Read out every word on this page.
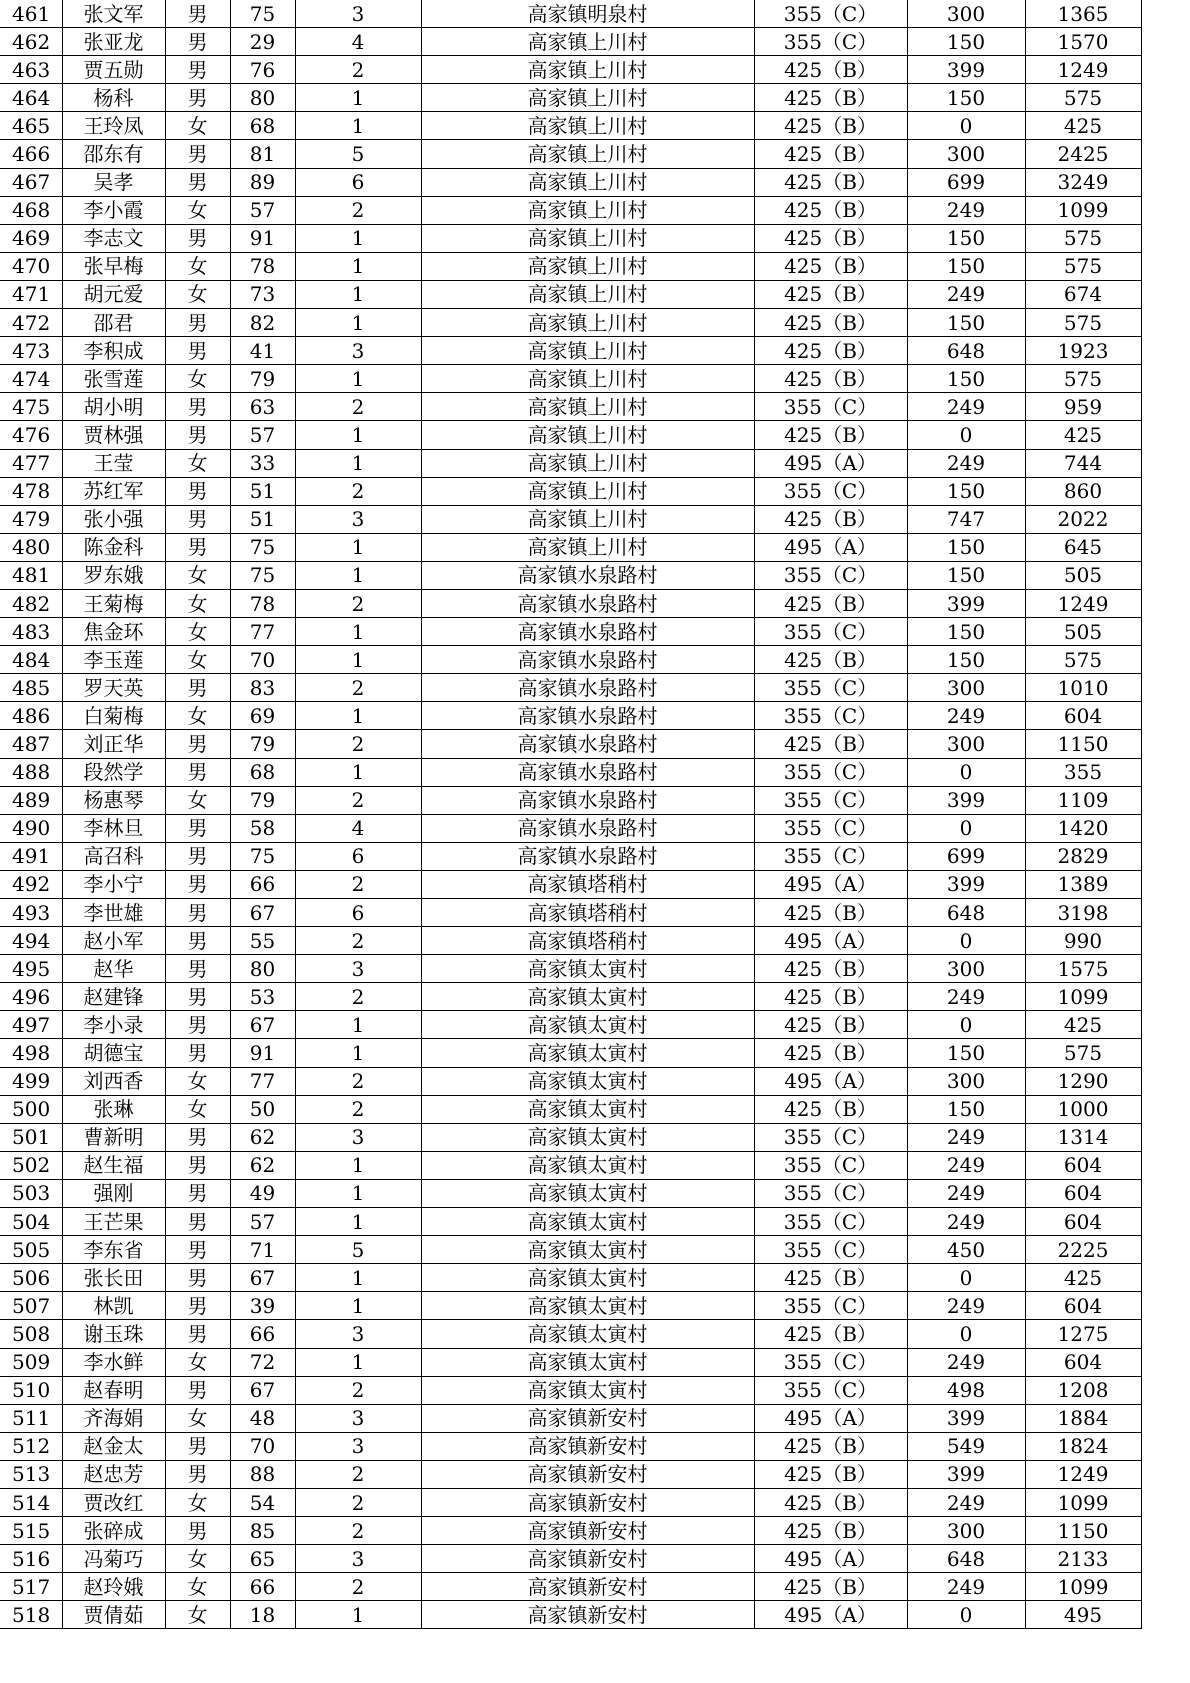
461	张文军	男	75	3	高家镇明泉村	355（C）	300	1365
462	张亚龙	男	29	4	高家镇上川村	355（C）	150	1570
463	贾五勋	男	76	2	高家镇上川村	425（B）	399	1249
464	杨科	男	80	1	高家镇上川村	425（B）	150	575
465	王玲凤	女	68	1	高家镇上川村	425（B）	0	425
466	邵东有	男	81	5	高家镇上川村	425（B）	300	2425
467	吴孝	男	89	6	高家镇上川村	425（B）	699	3249
468	李小霞	女	57	2	高家镇上川村	425（B）	249	1099
469	李志文	男	91	1	高家镇上川村	425（B）	150	575
470	张早梅	女	78	1	高家镇上川村	425（B）	150	575
471	胡元爱	女	73	1	高家镇上川村	425（B）	249	674
472	邵君	男	82	1	高家镇上川村	425（B）	150	575
473	李积成	男	41	3	高家镇上川村	425（B）	648	1923
474	张雪莲	女	79	1	高家镇上川村	425（B）	150	575
475	胡小明	男	63	2	高家镇上川村	355（C）	249	959
476	贾林强	男	57	1	高家镇上川村	425（B）	0	425
477	王莹	女	33	1	高家镇上川村	495（A）	249	744
478	苏红军	男	51	2	高家镇上川村	355（C）	150	860
479	张小强	男	51	3	高家镇上川村	425（B）	747	2022
480	陈金科	男	75	1	高家镇上川村	495（A）	150	645
481	罗东娥	女	75	1	高家镇水泉路村	355（C）	150	505
482	王菊梅	女	78	2	高家镇水泉路村	425（B）	399	1249
483	焦金环	女	77	1	高家镇水泉路村	355（C）	150	505
484	李玉莲	女	70	1	高家镇水泉路村	425（B）	150	575
485	罗天英	男	83	2	高家镇水泉路村	355（C）	300	1010
486	白菊梅	女	69	1	高家镇水泉路村	355（C）	249	604
487	刘正华	男	79	2	高家镇水泉路村	425（B）	300	1150
488	段然学	男	68	1	高家镇水泉路村	355（C）	0	355
489	杨惠琴	女	79	2	高家镇水泉路村	355（C）	399	1109
490	李林旦	男	58	4	高家镇水泉路村	355（C）	0	1420
491	高召科	男	75	6	高家镇水泉路村	355（C）	699	2829
492	李小宁	男	66	2	高家镇塔稍村	495（A）	399	1389
493	李世雄	男	67	6	高家镇塔稍村	425（B）	648	3198
494	赵小军	男	55	2	高家镇塔稍村	495（A）	0	990
495	赵华	男	80	3	高家镇太寅村	425（B）	300	1575
496	赵建锋	男	53	2	高家镇太寅村	425（B）	249	1099
497	李小录	男	67	1	高家镇太寅村	425（B）	0	425
498	胡德宝	男	91	1	高家镇太寅村	425（B）	150	575
499	刘西香	女	77	2	高家镇太寅村	495（A）	300	1290
500	张琳	女	50	2	高家镇太寅村	425（B）	150	1000
501	曹新明	男	62	3	高家镇太寅村	355（C）	249	1314
502	赵生福	男	62	1	高家镇太寅村	355（C）	249	604
503	强刚	男	49	1	高家镇太寅村	355（C）	249	604
504	王芒果	男	57	1	高家镇太寅村	355（C）	249	604
505	李东省	男	71	5	高家镇太寅村	355（C）	450	2225
506	张长田	男	67	1	高家镇太寅村	425（B）	0	425
507	林凯	男	39	1	高家镇太寅村	355（C）	249	604
508	谢玉珠	男	66	3	高家镇太寅村	425（B）	0	1275
509	李水鲜	女	72	1	高家镇太寅村	355（C）	249	604
510	赵春明	男	67	2	高家镇太寅村	355（C）	498	1208
511	齐海娟	女	48	3	高家镇新安村	495（A）	399	1884
512	赵金太	男	70	3	高家镇新安村	425（B）	549	1824
513	赵忠芳	男	88	2	高家镇新安村	425（B）	399	1249
514	贾改红	女	54	2	高家镇新安村	425（B）	249	1099
515	张碎成	男	85	2	高家镇新安村	425（B）	300	1150
516	冯菊巧	女	65	3	高家镇新安村	495（A）	648	2133
517	赵玲娥	女	66	2	高家镇新安村	425（B）	249	1099
518	贾倩茹	女	18	1	高家镇新安村	495（A）	0	495
